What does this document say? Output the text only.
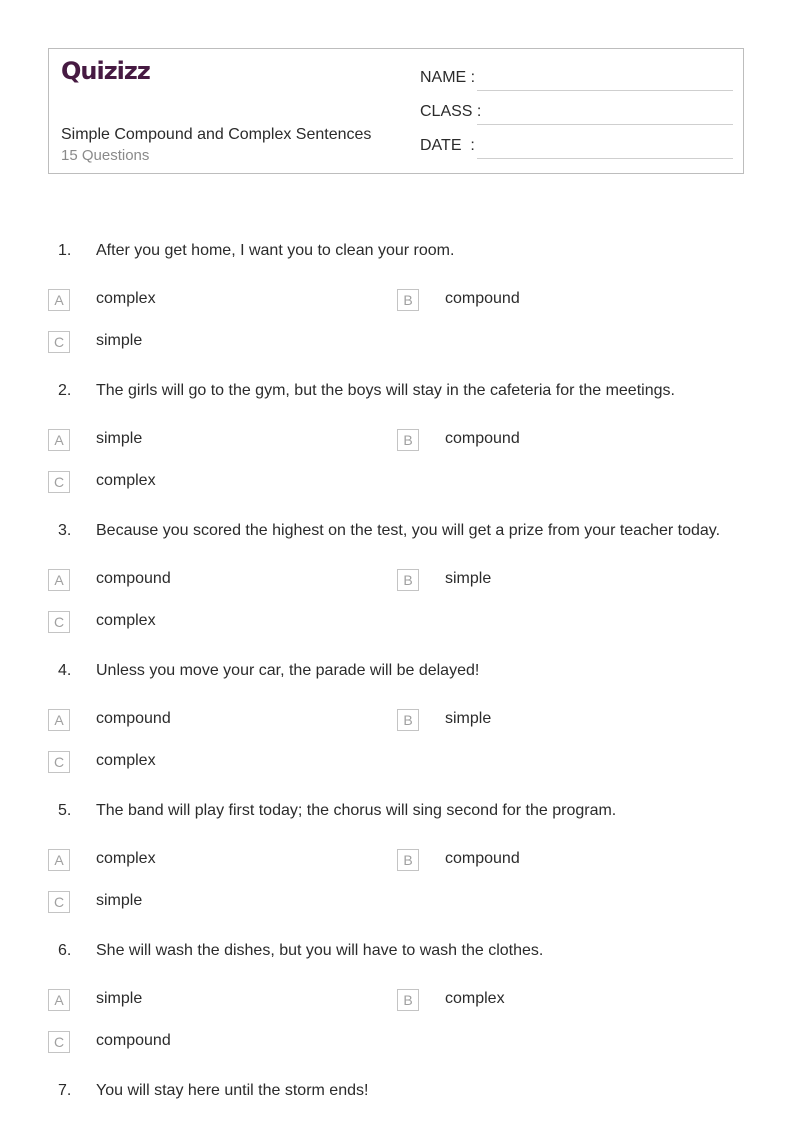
Quizizz
Simple Compound and Complex Sentences
15 Questions
NAME :
CLASS :
DATE  :
1.	After you get home, I want you to clean your room.
A	complex	B	compound
C	simple
2.	The girls will go to the gym, but the boys will stay in the cafeteria for the meetings.
A	simple	B	compound
C	complex
3.	Because you scored the highest on the test, you will get a prize from your teacher today.
A	compound	B	simple
C	complex
4.	Unless you move your car, the parade will be delayed!
A	compound	B	simple
C	complex
5.	The band will play first today; the chorus will sing second for the program.
A	complex	B	compound
C	simple
6.	She will wash the dishes, but you will have to wash the clothes.
A	simple	B	complex
C	compound
7.	You will stay here until the storm ends!
